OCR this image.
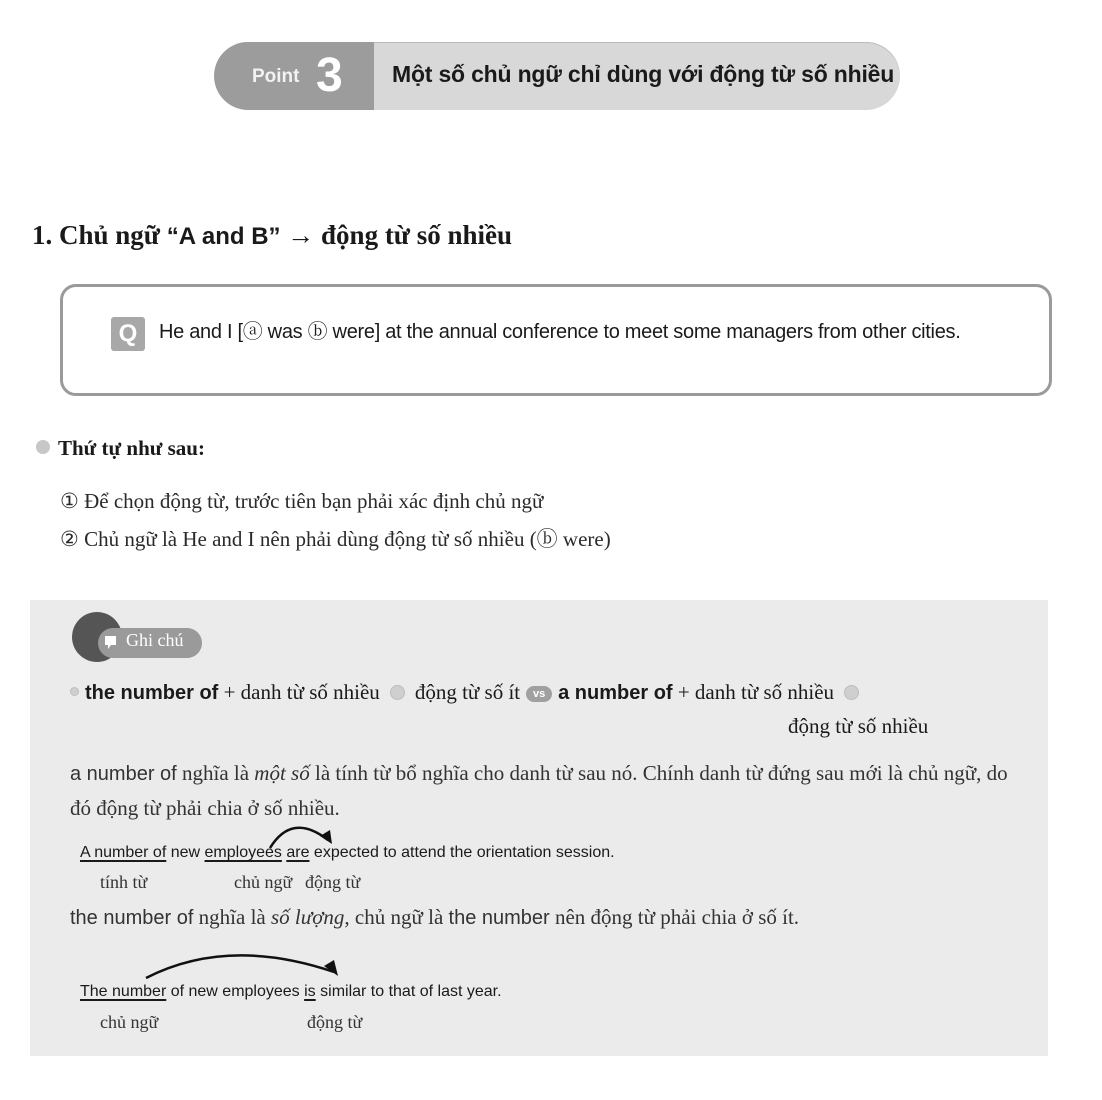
Point 3 Một số chủ ngữ chỉ dùng với động từ số nhiều
1. Chủ ngữ “A and B” → động từ số nhiều
Q	He and I [ⓐ was ⓑ were] at the annual conference to meet some managers from other cities.
Thứ tự như sau:
① Để chọn động từ, trước tiên bạn phải xác định chủ ngữ
② Chủ ngữ là He and I nên phải dùng động từ số nhiều (ⓑ were)
Ghi chú
the number of + danh từ số nhiều động từ số ít vs a number of + danh từ số nhiều
động từ số nhiều
a number of nghĩa là một số là tính từ bổ nghĩa cho danh từ sau nó. Chính danh từ đứng sau mới là chủ ngữ, do đó động từ phải chia ở số nhiều.
A number of new employees are expected to attend the orientation session.
tính từ	chủ ngữ động từ
the number of nghĩa là số lượng, chủ ngữ là the number nên động từ phải chia ở số ít.
The number of new employees is similar to that of last year.
chủ ngữ	động từ
